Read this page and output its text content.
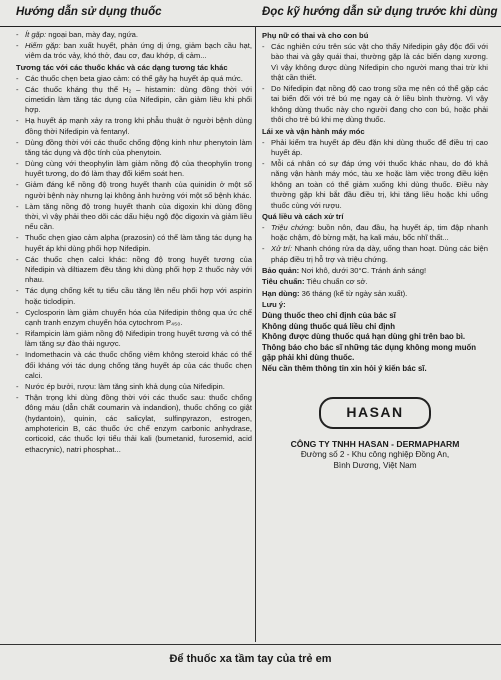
Hướng dẫn sử dụng thuốc	Đọc kỹ hướng dẫn sử dụng trước khi dùng
- Ít gặp: ngoại ban, mày đay, ngứa.
- Hiếm gặp: ban xuất huyết, phản ứng dị ứng, giảm bạch cầu hạt, viêm da tróc vảy, khó thở, đau cơ, đau khớp, dị cảm...
Tương tác với các thuốc khác và các dạng tương tác khác
- Các thuốc chẹn beta giao cảm: có thể gây hạ huyết áp quá mức.
- Các thuốc kháng thụ thể H₂ – histamin: dùng đồng thời với cimetidin làm tăng tác dụng của Nifedipin, cần giảm liều khi phối hợp.
- Hạ huyết áp mạnh xảy ra trong khi phẫu thuật ở người bệnh dùng đồng thời Nifedipin và fentanyl.
- Dùng đồng thời với các thuốc chống động kinh như phenytoin làm tăng tác dụng và độc tính của phenytoin.
- Dùng cùng với theophylin làm giảm nồng độ của theophylin trong huyết tương, do đó làm thay đổi kiểm soát hen.
- Giảm đáng kể nồng độ trong huyết thanh của quinidin ở một số người bệnh này nhưng lại không ảnh hưởng với một số bệnh khác.
- Làm tăng nồng độ trong huyết thanh của digoxin khi dùng đồng thời, vì vậy phải theo dõi các dấu hiệu ngộ độc digoxin và giảm liều nếu cần.
- Thuốc chẹn giao cảm alpha (prazosin) có thể làm tăng tác dụng hạ huyết áp khi dùng phối hợp Nifedipin.
- Các thuốc chẹn calci khác: nồng độ trong huyết tương của Nifedipin và diltiazem đều tăng khi dùng phối hợp 2 thuốc này với nhau.
- Tác dụng chống kết tụ tiểu cầu tăng lên nếu phối hợp với aspirin hoặc ticlodipin.
- Cyclosporin làm giảm chuyển hóa của Nifedipin thông qua ức chế cạnh tranh enzym chuyển hóa cytochrom P₄₅₀.
- Rifampicin làm giảm nồng độ Nifedipin trong huyết tương và có thể làm tăng sự đào thải ngược.
- Indomethacin và các thuốc chống viêm không steroid khác có thể đối kháng với tác dụng chống tăng huyết áp của các thuốc chẹn calci.
- Nước ép bưởi, rượu: làm tăng sinh khả dụng của Nifedipin.
- Thận trọng khi dùng đồng thời với các thuốc sau: thuốc chống đông máu (dẫn chất coumarin và indandion), thuốc chống co giật (hydantoin), quinin, các salicylat, sulfinpyrazon, estrogen, amphotericin B, các thuốc ức chế enzym carbonic anhydrase, corticoid, các thuốc lợi tiểu thải kali (bumetanid, furosemid, acid ethacrynic), natri phosphat...
Phụ nữ có thai và cho con bú
- Các nghiên cứu trên súc vật cho thấy Nifedipin gây độc đối với bào thai và gây quái thai, thường gặp là các biến dạng xương. Vì vậy không được dùng Nifedipin cho người mang thai trừ khi thật cần thiết.
- Do Nifedipin đạt nồng độ cao trong sữa mẹ nên có thể gặp các tai biến đối với trẻ bú mẹ ngay cả ở liều bình thường. Vì vậy không dùng thuốc này cho người đang cho con bú, hoặc phải thôi cho trẻ bú khi mẹ dùng thuốc.
Lái xe và vận hành máy móc
- Phải kiểm tra huyết áp đều đặn khi dùng thuốc để điều trị cao huyết áp.
- Mỗi cá nhân có sự đáp ứng với thuốc khác nhau, do đó khả năng vận hành máy móc, tàu xe hoặc làm việc trong điều kiện không an toàn có thể giảm xuống khi dùng thuốc. Điều này thường gặp khi bắt đầu điều trị, khi tăng liều hoặc khi uống thuốc cùng với rượu.
Quá liều và cách xử trí
- Triệu chứng: buồn nôn, đau đầu, hạ huyết áp, tim đập nhanh hoặc chậm, đỏ bừng mặt, hạ kali máu, bốc nhĩ thất...
- Xử trí: Nhanh chóng rửa dạ dày, uống than hoạt. Dùng các biện pháp điều trị hỗ trợ và triệu chứng.
Bảo quản: Nơi khô, dưới 30°C. Tránh ánh sáng!
Tiêu chuẩn: Tiêu chuẩn cơ sở.
Hạn dùng: 36 tháng (kể từ ngày sản xuất).
Lưu ý:
Dùng thuốc theo chỉ định của bác sĩ
Không dùng thuốc quá liều chỉ định
Không được dùng thuốc quá hạn dùng ghi trên bao bì.
Thông báo cho bác sĩ những tác dụng không mong muốn gặp phải khi dùng thuốc.
Nếu cần thêm thông tin xin hỏi ý kiến bác sĩ.
HASAN
CÔNG TY TNHH HASAN - DERMAPHARM
Đường số 2 - Khu công nghiệp Đồng An,
Bình Dương, Việt Nam
Để thuốc xa tầm tay của trẻ em
